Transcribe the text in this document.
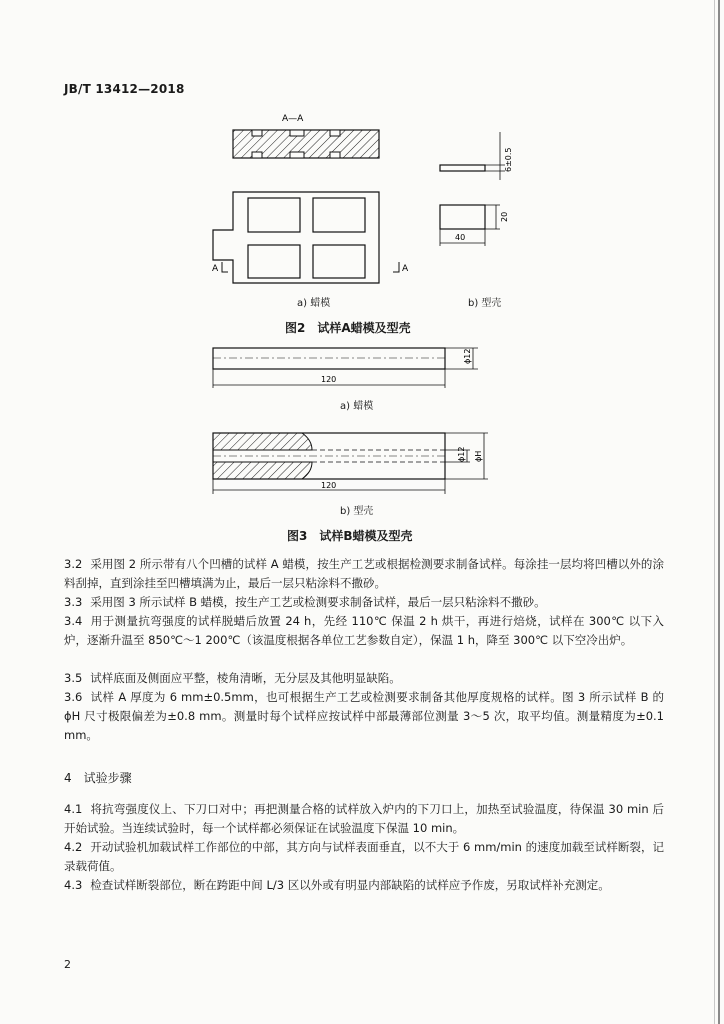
JB/T 13412—2018
A—A
A	A
6±0.5
20
40
a) 蜡模	b) 型壳
图2　试样A蜡模及型壳
ϕ12
120
ϕ12 ϕH
120
a) 蜡模
b) 型壳
图3　试样B蜡模及型壳
3.2 采用图 2 所示带有八个凹槽的试样 A 蜡模，按生产工艺或根据检测要求制备试样。每涂挂一层均将凹槽以外的涂料刮掉，直到涂挂至凹槽填满为止，最后一层只粘涂料不撒砂。
3.3 采用图 3 所示试样 B 蜡模，按生产工艺或检测要求制备试样，最后一层只粘涂料不撒砂。
3.4 用于测量抗弯强度的试样脱蜡后放置 24 h，先经 110℃ 保温 2 h 烘干，再进行焙烧，试样在 300℃ 以下入炉，逐渐升温至 850℃～1 200℃（该温度根据各单位工艺参数自定），保温 1 h，降至 300℃ 以下空冷出炉。
3.5 试样底面及侧面应平整，棱角清晰，无分层及其他明显缺陷。
3.6 试样 A 厚度为 6 mm±0.5mm，也可根据生产工艺或检测要求制备其他厚度规格的试样。图 3 所示试样 B 的 ϕH 尺寸极限偏差为±0.8 mm。测量时每个试样应按试样中部最薄部位测量 3～5 次，取平均值。测量精度为±0.1 mm。
4　试验步骤
4.1 将抗弯强度仪上、下刀口对中；再把测量合格的试样放入炉内的下刀口上，加热至试验温度，待保温 30 min 后开始试验。当连续试验时，每一个试样都必须保证在试验温度下保温 10 min。
4.2 开动试验机加载试样工作部位的中部，其方向与试样表面垂直，以不大于 6 mm/min 的速度加载至试样断裂，记录载荷值。
4.3 检查试样断裂部位，断在跨距中间 L/3 区以外或有明显内部缺陷的试样应予作废，另取试样补充测定。
2
